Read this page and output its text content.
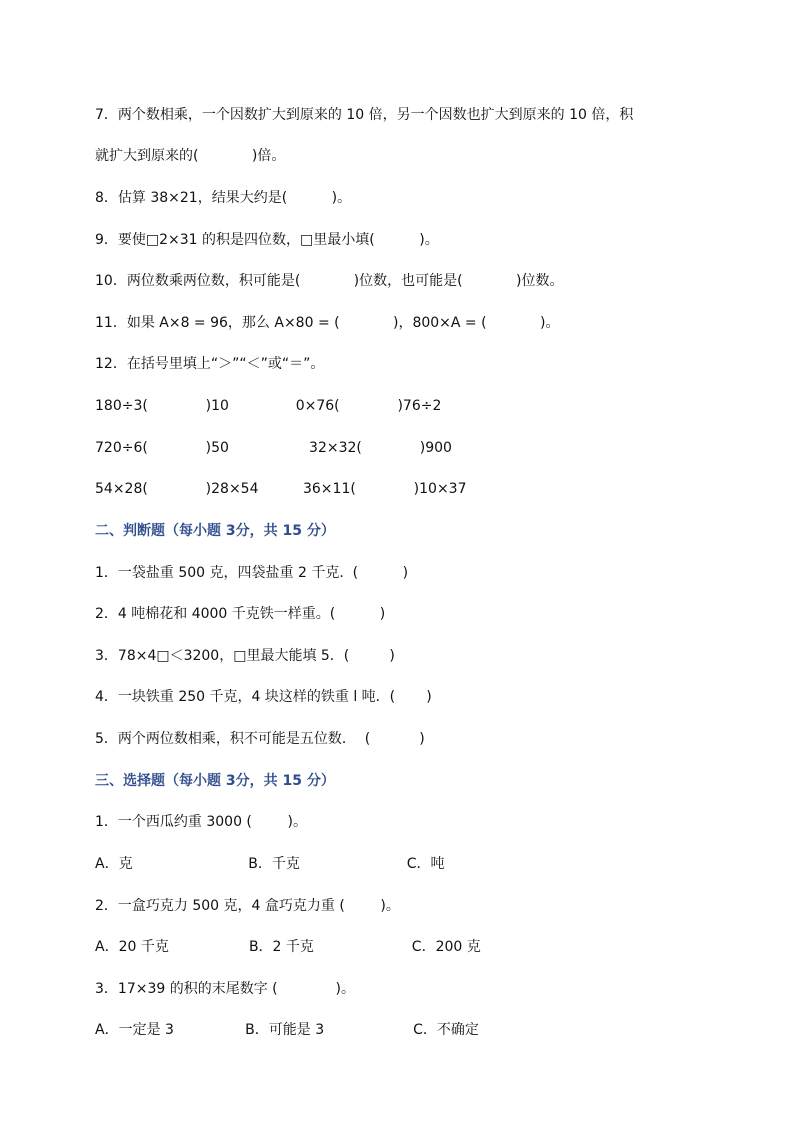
7．两个数相乘，一个因数扩大到原来的 10 倍，另一个因数也扩大到原来的 10 倍，积
就扩大到原来的(            )倍。
8．估算 38×21，结果大约是(          )。
9．要使□2×31 的积是四位数，□里最小填(          )。
10．两位数乘两位数，积可能是(            )位数，也可能是(            )位数。
11．如果 A×8 = 96，那么 A×80 = (            )，800×A = (            )。
12．在括号里填上“＞”“＜”或“＝”。
180÷3(             )10               0×76(             )76÷2
720÷6(             )50                  32×32(             )900
54×28(             )28×54          36×11(             )10×37
二、判断题（每小题 3分，共 15 分）
1．一袋盐重 500 克，四袋盐重 2 千克.  (          )
2．4 吨棉花和 4000 千克铁一样重。(          )
3．78×4□＜3200，□里最大能填 5．(         )
4．一块铁重 250 千克，4 块这样的铁重 l 吨．(       )
5．两个两位数相乘，积不可能是五位数．  (           )
三、选择题（每小题 3分，共 15 分）
1．一个西瓜约重 3000 (        )。
A．克                          B．千克                        C．吨
2．一盒巧克力 500 克，4 盒巧克力重 (        )。
A．20 千克                  B．2 千克                      C．200 克
3．17×39 的积的末尾数字 (             )。
A．一定是 3                B．可能是 3                    C．不确定
